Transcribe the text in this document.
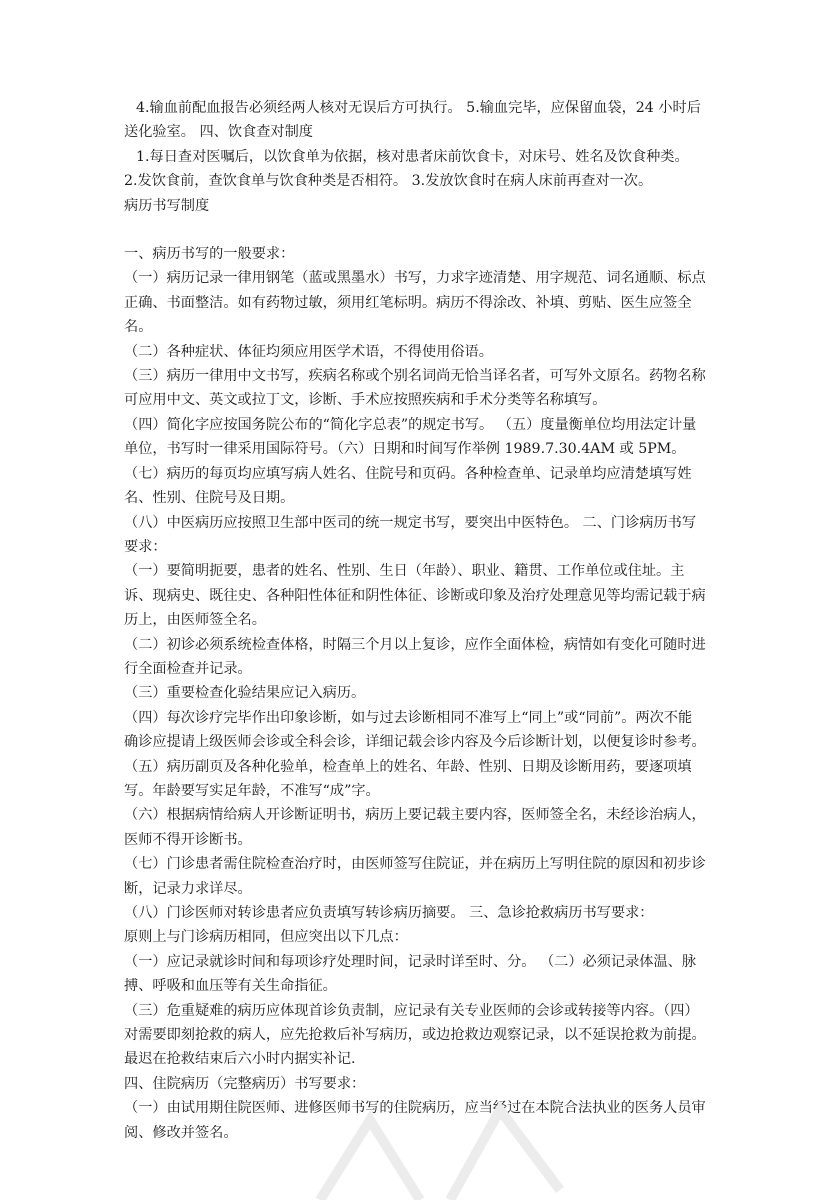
4.输血前配血报告必须经两人核对无误后方可执行。 5.输血完毕，应保留血袋，24 小时后送化验室。 四、饮食查对制度

1.每日查对医嘱后，以饮食单为依据，核对患者床前饮食卡，对床号、姓名及饮食种类。 2.发饮食前，查饮食单与饮食种类是否相符。 3.发放饮食时在病人床前再查对一次。

病历书写制度

一、病历书写的一般要求：

（一）病历记录一律用钢笔（蓝或黑墨水）书写，力求字迹清楚、用字规范、词名通顺、标点正确、书面整洁。如有药物过敏，须用红笔标明。病历不得涂改、补填、剪贴、医生应签全名。

（二）各种症状、体征均须应用医学术语，不得使用俗语。

（三）病历一律用中文书写，疾病名称或个别名词尚无恰当译名者，可写外文原名。药物名称可应用中文、英文或拉丁文，诊断、手术应按照疾病和手术分类等名称填写。

（四）简化字应按国务院公布的“简化字总表”的规定书写。 （五）度量衡单位均用法定计量单位，书写时一律采用国际符号。（六）日期和时间写作举例 1989.7.30.4AM 或 5PM。

（七）病历的每页均应填写病人姓名、住院号和页码。各种检查单、记录单均应清楚填写姓名、性别、住院号及日期。

（八）中医病历应按照卫生部中医司的统一规定书写，要突出中医特色。 二、门诊病历书写要求：

（一）要简明扼要，患者的姓名、性别、生日（年龄）、职业、籍贯、工作单位或住址。主诉、现病史、既往史、各种阳性体征和阴性体征、诊断或印象及治疗处理意见等均需记载于病历上，由医师签全名。

（二）初诊必须系统检查体格，时隔三个月以上复诊，应作全面体检，病情如有变化可随时进行全面检查并记录。

（三）重要检查化验结果应记入病历。

（四）每次诊疗完毕作出印象诊断，如与过去诊断相同不准写上“同上”或“同前”。两次不能确诊应提请上级医师会诊或全科会诊，详细记载会诊内容及今后诊断计划，以便复诊时参考。

（五）病历副页及各种化验单，检查单上的姓名、年龄、性别、日期及诊断用药，要逐项填写。年龄要写实足年龄，不准写“成”字。

（六）根据病情给病人开诊断证明书，病历上要记载主要内容，医师签全名，未经诊治病人，医师不得开诊断书。

（七）门诊患者需住院检查治疗时，由医师签写住院证，并在病历上写明住院的原因和初步诊断，记录力求详尽。

（八）门诊医师对转诊患者应负责填写转诊病历摘要。 三、急诊抢救病历书写要求：

原则上与门诊病历相同，但应突出以下几点：

（一）应记录就诊时间和每项诊疗处理时间，记录时详至时、分。 （二）必须记录体温、脉搏、呼吸和血压等有关生命指征。

（三）危重疑难的病历应体现首诊负责制，应记录有关专业医师的会诊或转接等内容。（四）对需要即刻抢救的病人，应先抢救后补写病历，或边抢救边观察记录，以不延误抢救为前提。最迟在抢救结束后六小时内据实补记.

四、住院病历（完整病历）书写要求：

（一）由试用期住院医师、进修医师书写的住院病历，应当经过在本院合法执业的医务人员审阅、修改并签名。
